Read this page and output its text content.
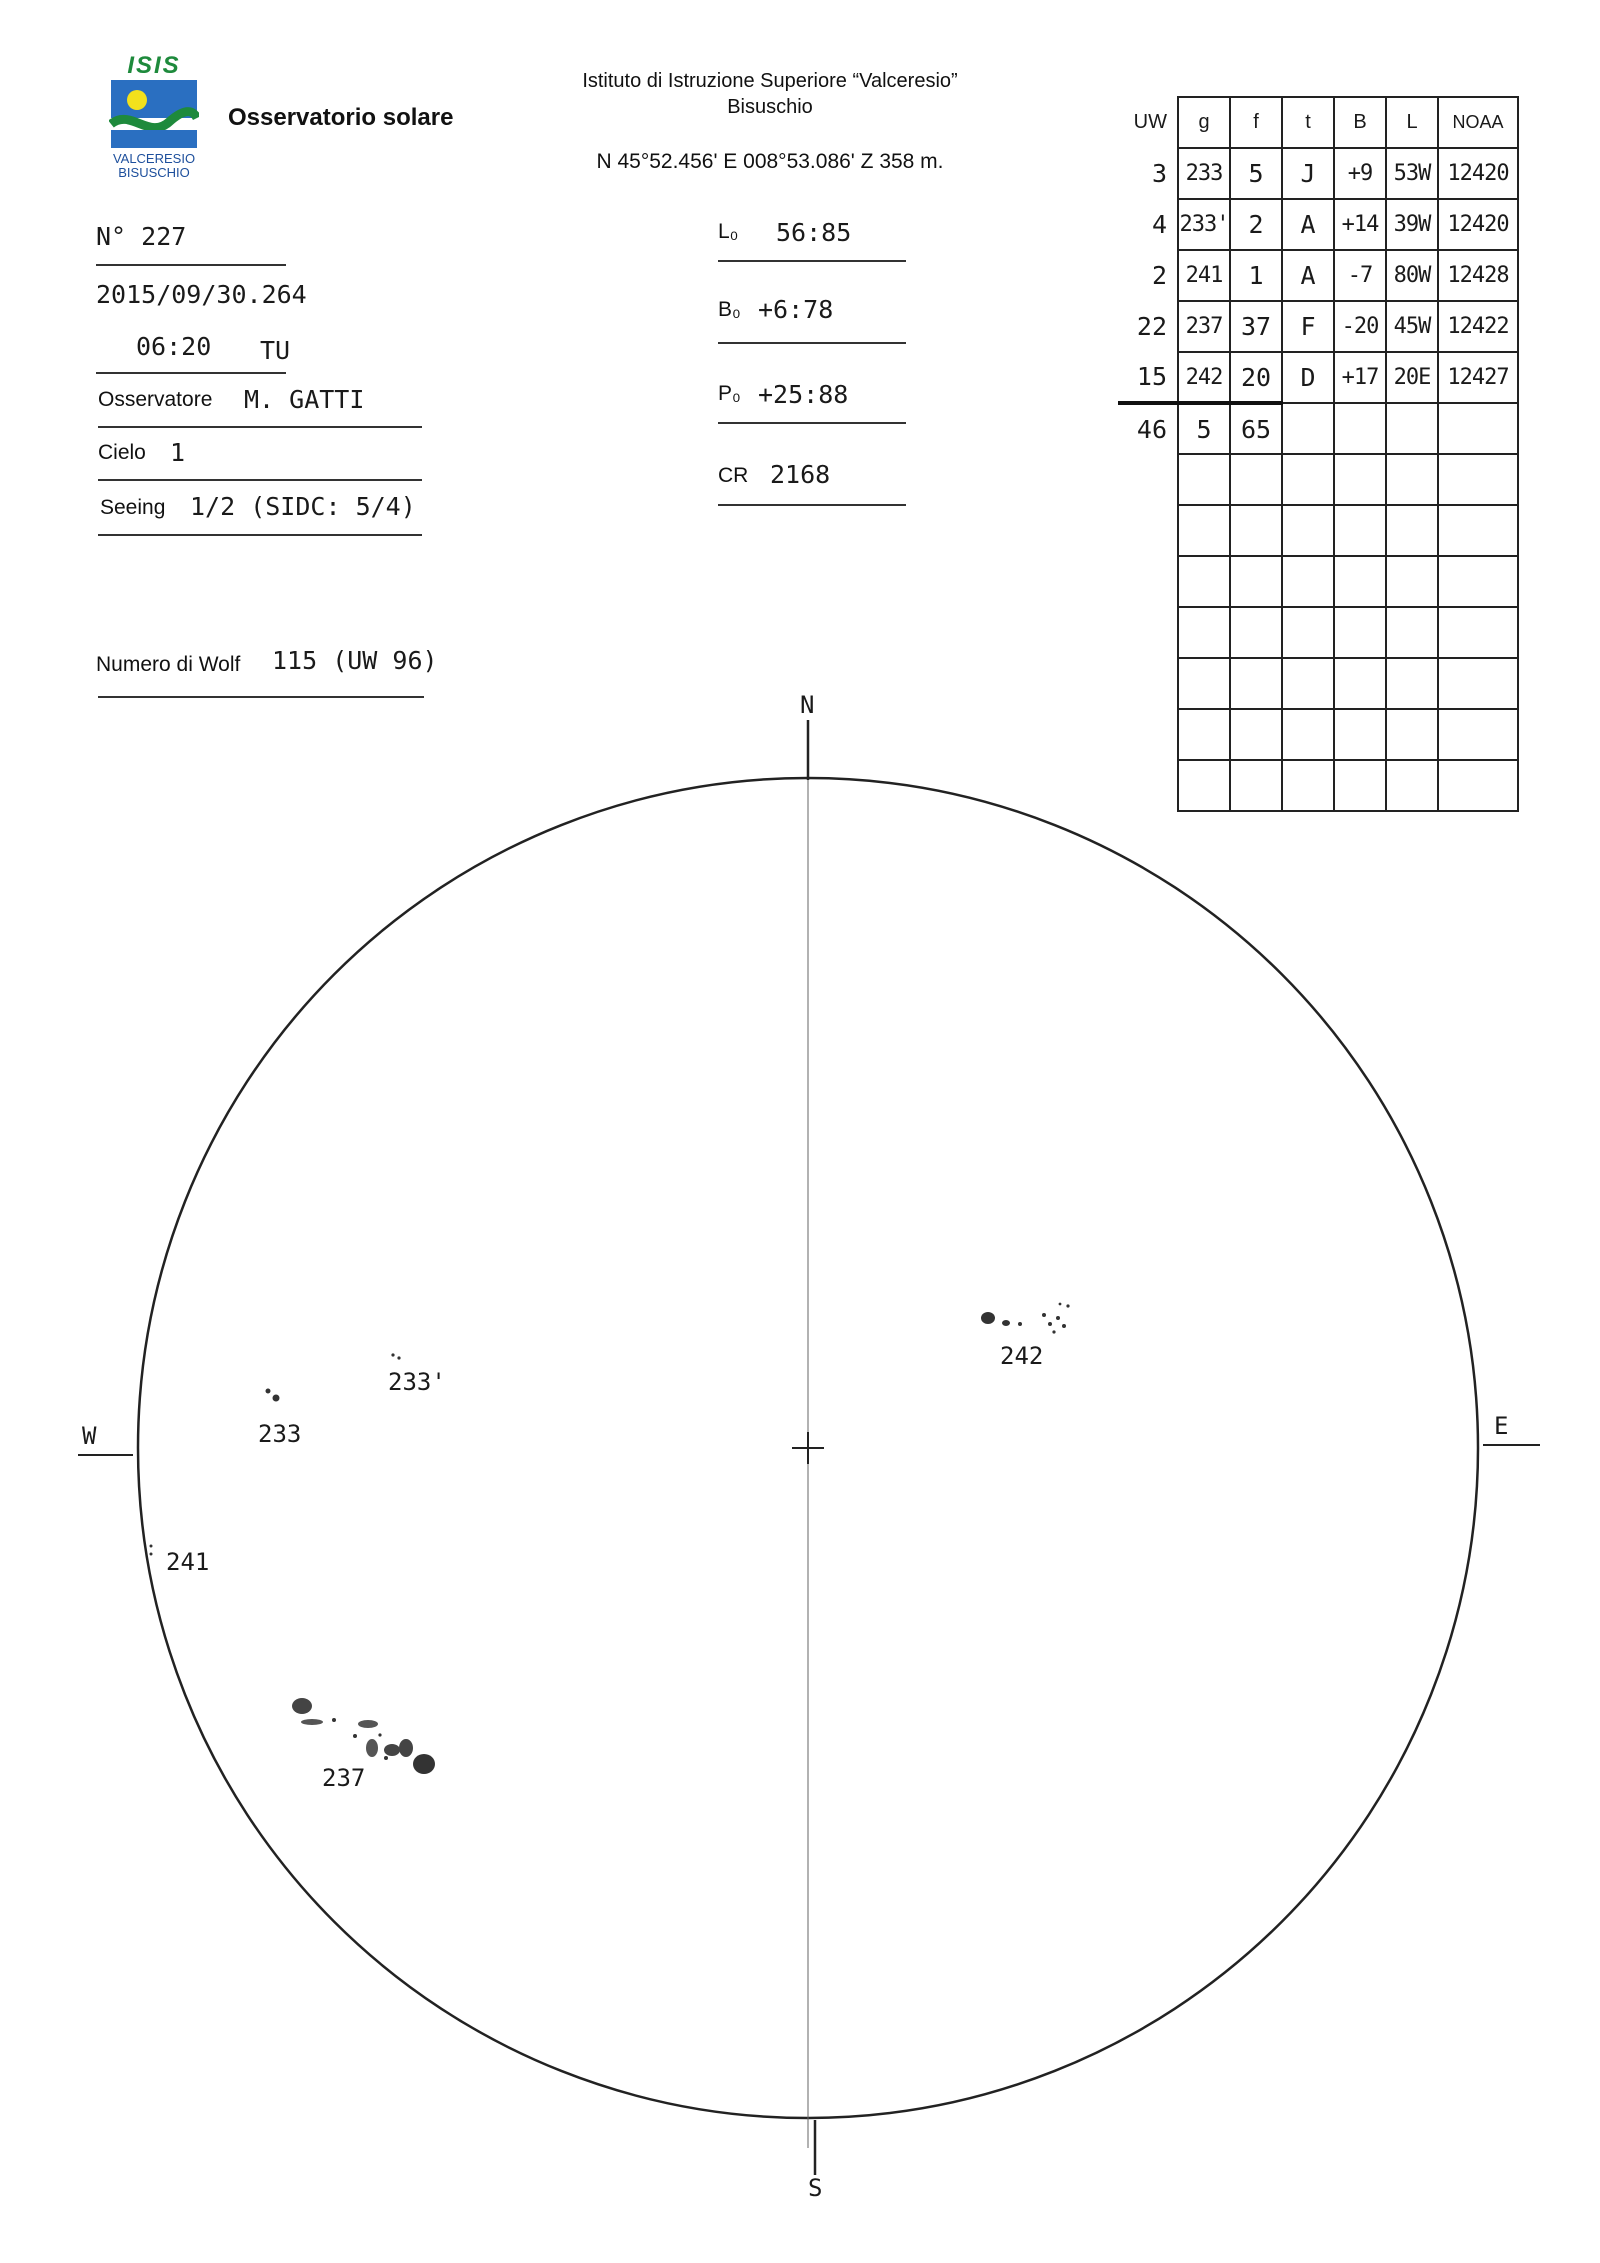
ISIS
VALCERESIO
BISUSCHIO
Osservatorio solare
Istituto di Istruzione Superiore “Valceresio”
Bisuschio
N 45°52.456' E 008°53.086' Z 358 m.
N° 227
2015/09/30.264
06:20 TU
Osservatore M. GATTI
Cielo 1
Seeing 1/2 (SIDC: 5/4)
Numero di Wolf 115 (UW 96)
L₀ 56:85
B₀ +6:78
P₀ +25:88
CR 2168
UW	g	f	t	B	L	NOAA
3	233	5	J	+9	53W	12420
4	233'	2	A	+14	39W	12420
2	241	1	A	-7	80W	12428
22	237	37	F	-20	45W	12422
15	242	20	D	+17	20E	12427
46	5	65				

N
S
W	E
242
233'
233
241
237
